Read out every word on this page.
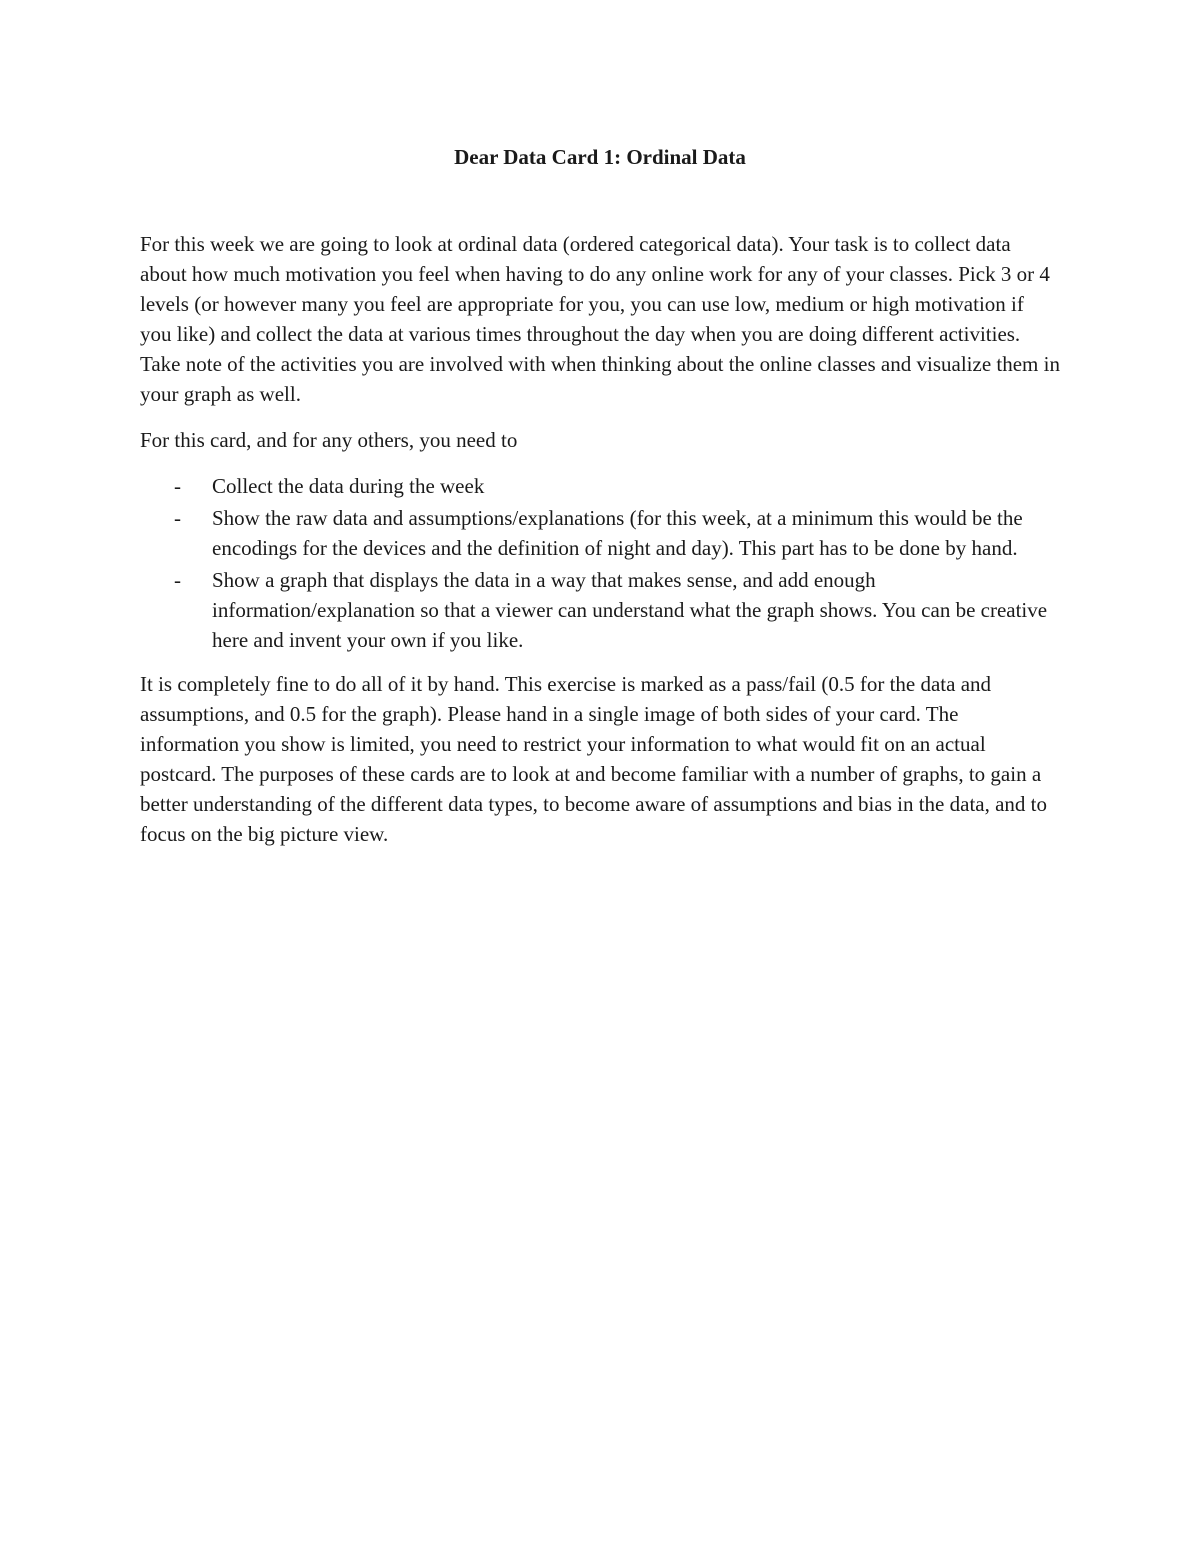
Dear Data Card 1: Ordinal Data

For this week we are going to look at ordinal data (ordered categorical data). Your task is to collect data about how much motivation you feel when having to do any online work for any of your classes. Pick 3 or 4 levels (or however many you feel are appropriate for you, you can use low, medium or high motivation if you like) and collect the data at various times throughout the day when you are doing different activities. Take note of the activities you are involved with when thinking about the online classes and visualize them in your graph as well.

For this card, and for any others, you need to

- Collect the data during the week
- Show the raw data and assumptions/explanations (for this week, at a minimum this would be the encodings for the devices and the definition of night and day). This part has to be done by hand.
- Show a graph that displays the data in a way that makes sense, and add enough information/explanation so that a viewer can understand what the graph shows. You can be creative here and invent your own if you like.

It is completely fine to do all of it by hand. This exercise is marked as a pass/fail (0.5 for the data and assumptions, and 0.5 for the graph). Please hand in a single image of both sides of your card. The information you show is limited, you need to restrict your information to what would fit on an actual postcard. The purposes of these cards are to look at and become familiar with a number of graphs, to gain a better understanding of the different data types, to become aware of assumptions and bias in the data, and to focus on the big picture view.
